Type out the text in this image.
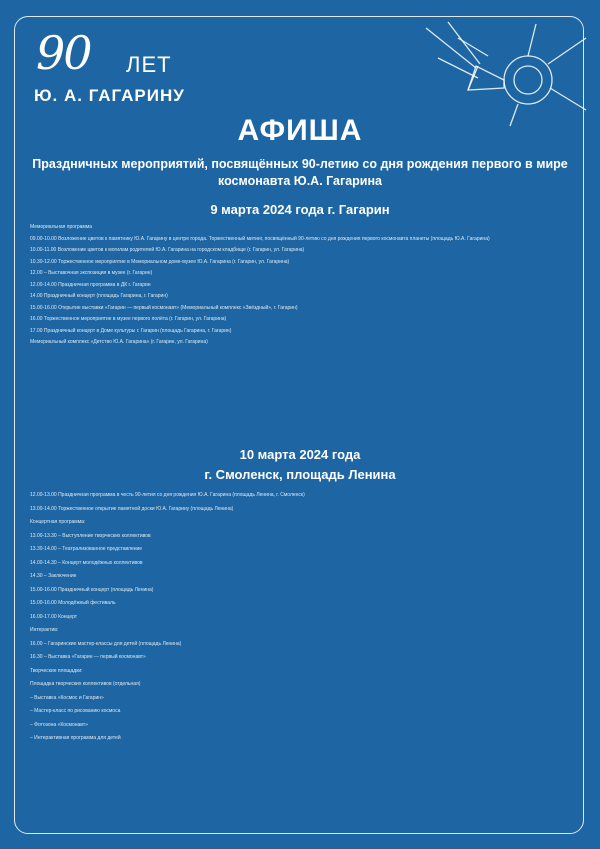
90 ЛЕТ
Ю. А. ГАГАРИНУ
АФИША
Праздничных мероприятий, посвящённых 90-летию со дня рождения первого в мире космонавта Ю.А. Гагарина
9 марта 2024 года г. Гагарин
Мемориальная программа
09.00-10.00 Возложение цветов к памятнику Ю.А. Гагарину в центре города. Торжественный митинг, посвящённый 90-летию со дня рождения первого космонавта планеты (площадь Ю.А. Гагарина)
10.00-11.00 Возложение цветов к могилам родителей Ю.А. Гагарина на городском кладбище (г. Гагарин, ул. Гагарина)
10.30-12.00 Торжественное мероприятие в Мемориальном доме-музее Ю.А. Гагарина (г. Гагарин, ул. Гагарина)
12.00 – Выставочная экспозиция в музее (г. Гагарин)
12.00-14.00 Праздничная программа в ДК г. Гагарин
14.00 Праздничный концерт (площадь Гагарина, г. Гагарин)
15.00-16.00 Открытие выставки «Гагарин — первый космонавт» (Мемориальный комплекс «Звёздный», г. Гагарин)
16.00 Торжественное мероприятие в музее первого полёта (г. Гагарин, ул. Гагарина)
17.00 Праздничный концерт в Доме культуры г. Гагарин (площадь Гагарина, г. Гагарин)
Мемориальный комплекс «Детство Ю.А. Гагарина» (г. Гагарин, ул. Гагарина)
10 марта 2024 года
г. Смоленск, площадь Ленина
12.00-13.00 Праздничная программа в честь 90-летия со дня рождения Ю.А. Гагарина (площадь Ленина, г. Смоленск)
13.00-14.00 Торжественное открытие памятной доски Ю.А. Гагарину (площадь Ленина)
Концертная программа:
13.00-13.30 – Выступление творческих коллективов
13.30-14.00 – Театрализованное представление
14.00-14.30 – Концерт молодёжных коллективов
14.30 – Заключение
15.00-16.00 Праздничный концерт (площадь Ленина)
15.00-16.00 Молодёжный фестиваль
16.00-17.00 Концерт
Интерактив:
16.00 – Гагаринские мастер-классы для детей (площадь Ленина)
16.30 – Выставка «Гагарин — первый космонавт»
Творческие площадки:
Площадка творческих коллективов (отдельная)
– Выставка «Космос и Гагарин»
– Мастер-класс по рисованию космоса
– Фотозона «Космонавт»
– Интерактивная программа для детей
